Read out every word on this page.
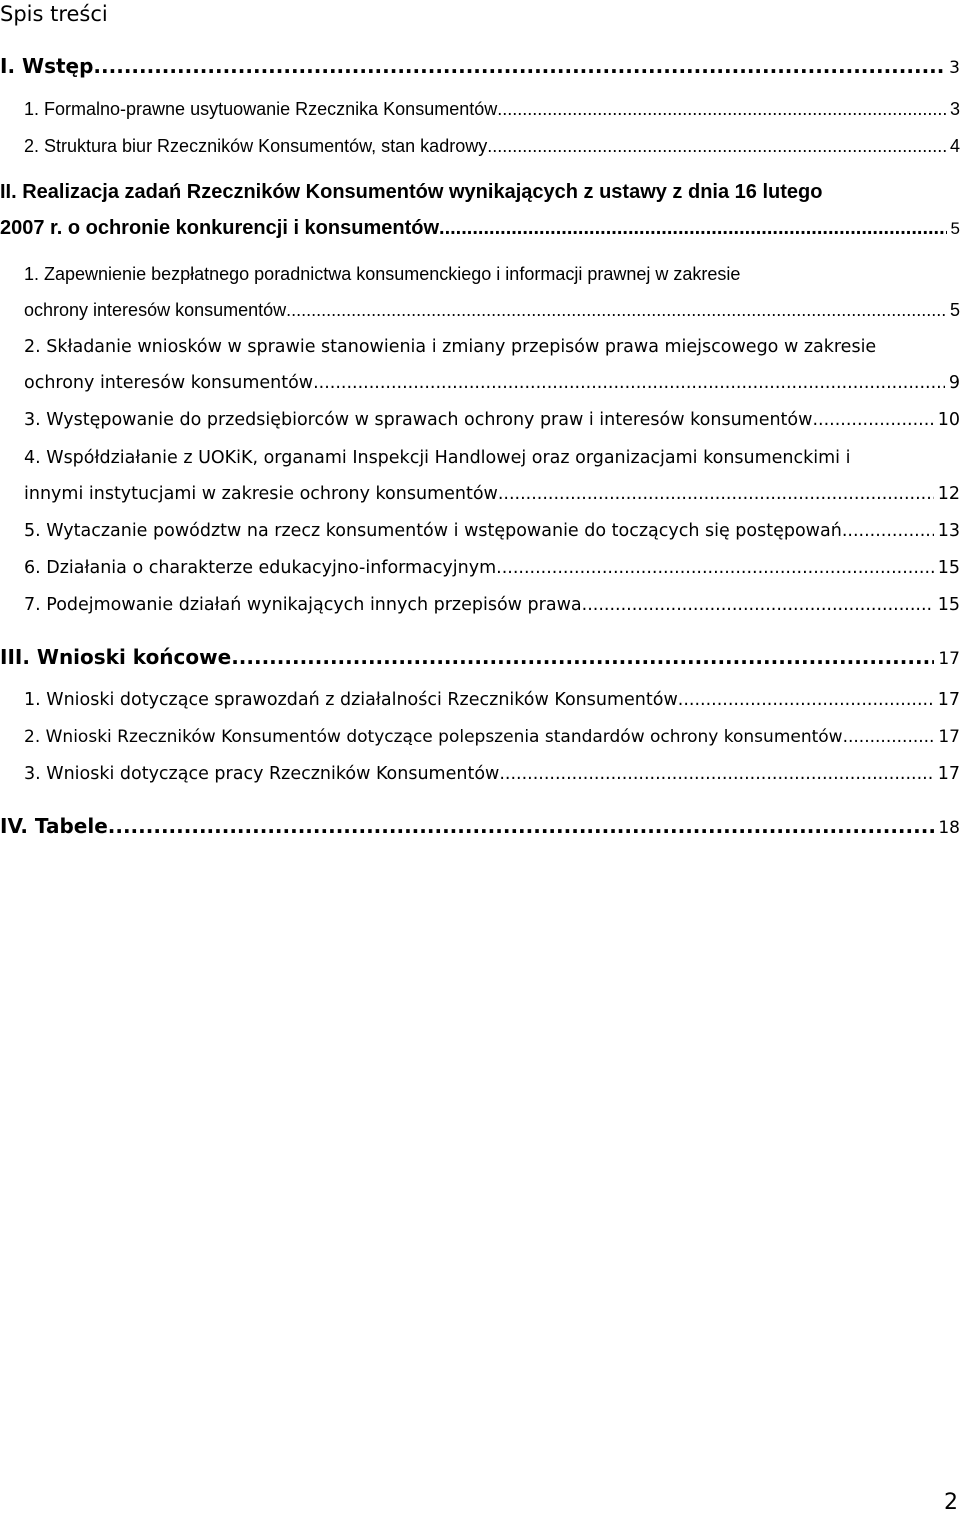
Spis treści
I. Wstęp .....	3
1. Formalno-prawne usytuowanie Rzecznika Konsumentów .....	3
2. Struktura biur Rzeczników Konsumentów, stan kadrowy .....	4
II. Realizacja zadań Rzeczników Konsumentów wynikających z ustawy z dnia 16 lutego
2007 r. o ochronie konkurencji i konsumentów .....	5
1. Zapewnienie bezpłatnego poradnictwa konsumenckiego i informacji prawnej w zakresie
ochrony interesów konsumentów .....	5
2. Składanie wniosków w sprawie stanowienia i zmiany przepisów prawa miejscowego w zakresie
ochrony interesów konsumentów .....	9
3. Występowanie do przedsiębiorców w sprawach ochrony praw i interesów konsumentów .....	10
4. Współdziałanie z UOKiK, organami Inspekcji Handlowej oraz organizacjami konsumenckimi i
innymi instytucjami w zakresie ochrony konsumentów .....	12
5. Wytaczanie powództw na rzecz konsumentów i wstępowanie do toczących się postępowań .....	13
6. Działania o charakterze edukacyjno-informacyjnym .....	15
7. Podejmowanie działań wynikających innych przepisów prawa .....	15
III. Wnioski końcowe .....	17
1. Wnioski dotyczące sprawozdań z działalności Rzeczników Konsumentów .....	17
2. Wnioski Rzeczników Konsumentów dotyczące polepszenia standardów ochrony konsumentów .....	17
3. Wnioski dotyczące pracy Rzeczników Konsumentów .....	17
IV. Tabele .....	18
2
